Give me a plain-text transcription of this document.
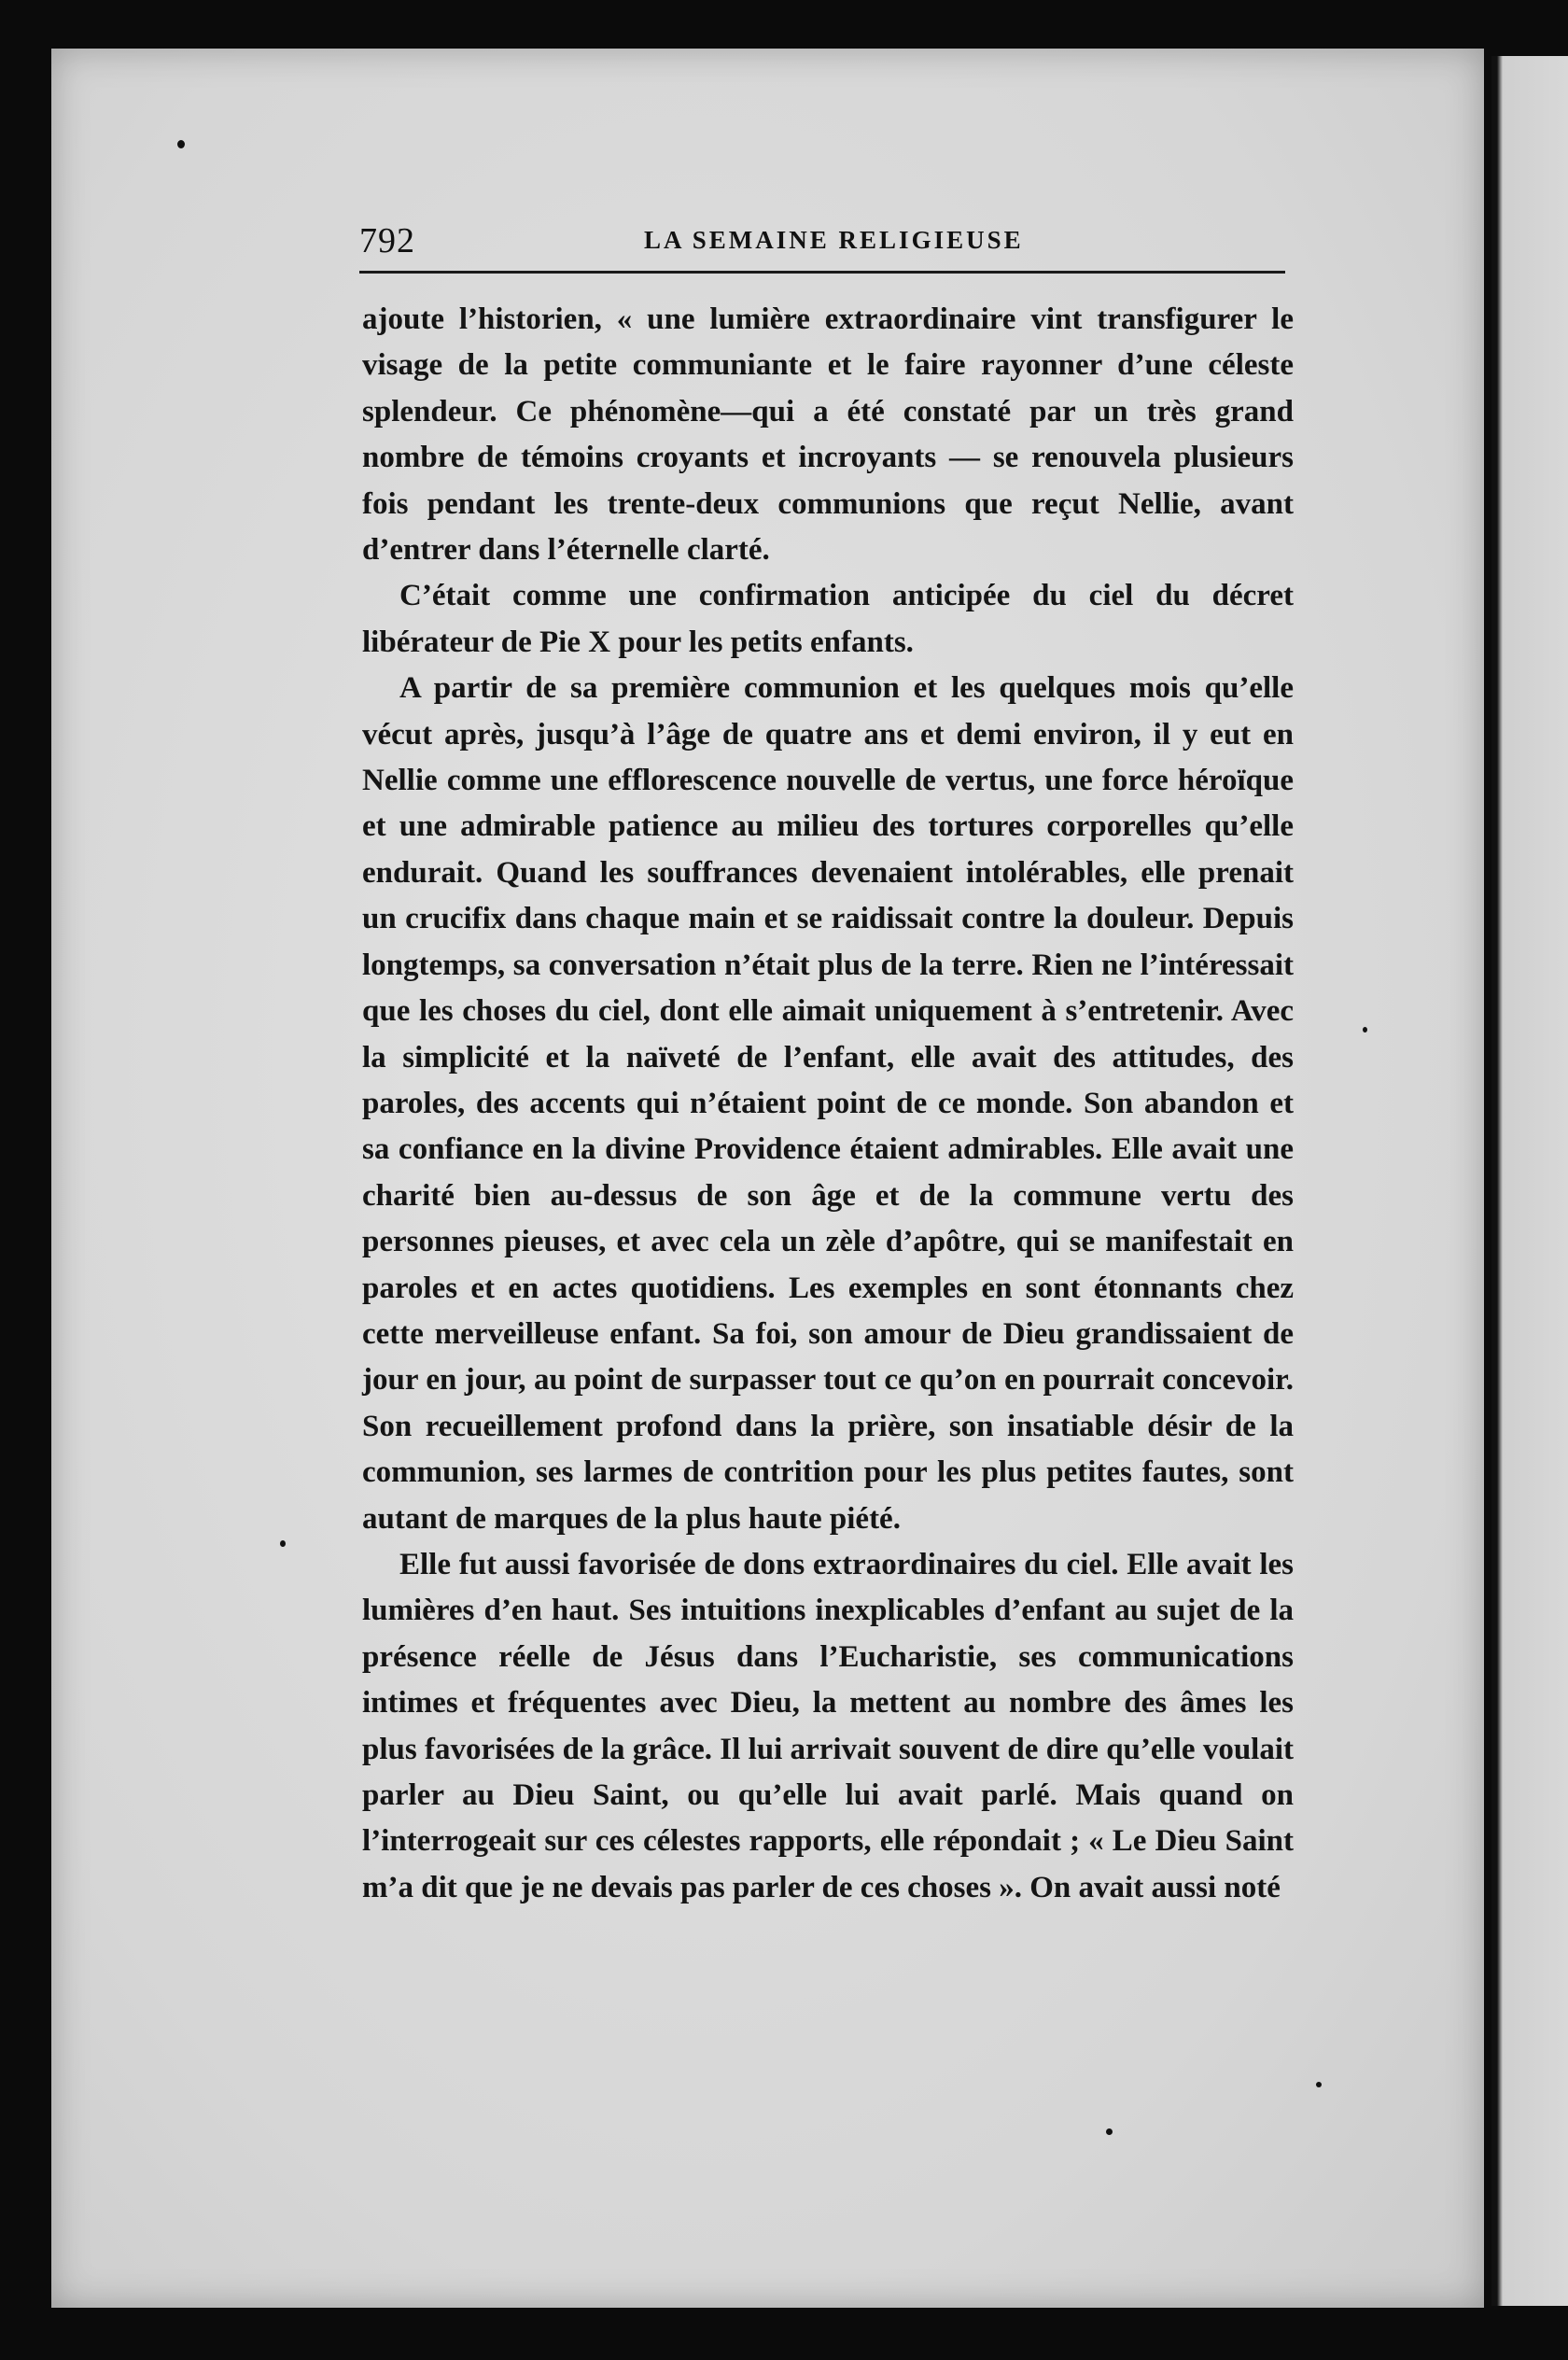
792	LA SEMAINE RELIGIEUSE

ajoute l’historien, « une lumière extraordinaire vint transfigurer le visage de la petite communiante et le faire rayonner d’une céleste splendeur. Ce phénomène—qui a été constaté par un très grand nombre de témoins croyants et incroyants — se renouvela plusieurs fois pendant les trente-deux communions que reçut Nellie, avant d’entrer dans l’éternelle clarté.

C’était comme une confirmation anticipée du ciel du décret libérateur de Pie X pour les petits enfants.

A partir de sa première communion et les quelques mois qu’elle vécut après, jusqu’à l’âge de quatre ans et demi environ, il y eut en Nellie comme une efflorescence nouvelle de vertus, une force héroïque et une admirable patience au milieu des tortures corporelles qu’elle endurait. Quand les souffrances devenaient intolérables, elle prenait un crucifix dans chaque main et se raidissait contre la douleur. Depuis longtemps, sa conversation n’était plus de la terre. Rien ne l’intéressait que les choses du ciel, dont elle aimait uniquement à s’entretenir. Avec la simplicité et la naïveté de l’enfant, elle avait des attitudes, des paroles, des accents qui n’étaient point de ce monde. Son abandon et sa confiance en la divine Providence étaient admirables. Elle avait une charité bien au-dessus de son âge et de la commune vertu des personnes pieuses, et avec cela un zèle d’apôtre, qui se manifestait en paroles et en actes quotidiens. Les exemples en sont étonnants chez cette merveilleuse enfant. Sa foi, son amour de Dieu grandissaient de jour en jour, au point de surpasser tout ce qu’on en pourrait concevoir. Son recueillement profond dans la prière, son insatiable désir de la communion, ses larmes de contrition pour les plus petites fautes, sont autant de marques de la plus haute piété.

Elle fut aussi favorisée de dons extraordinaires du ciel. Elle avait les lumières d’en haut. Ses intuitions inexplicables d’enfant au sujet de la présence réelle de Jésus dans l’Eucharistie, ses communications intimes et fréquentes avec Dieu, la mettent au nombre des âmes les plus favorisées de la grâce. Il lui arrivait souvent de dire qu’elle voulait parler au Dieu Saint, ou qu’elle lui avait parlé. Mais quand on l’interrogeait sur ces célestes rapports, elle répondait ; « Le Dieu Saint m’a dit que je ne devais pas parler de ces choses ». On avait aussi noté
